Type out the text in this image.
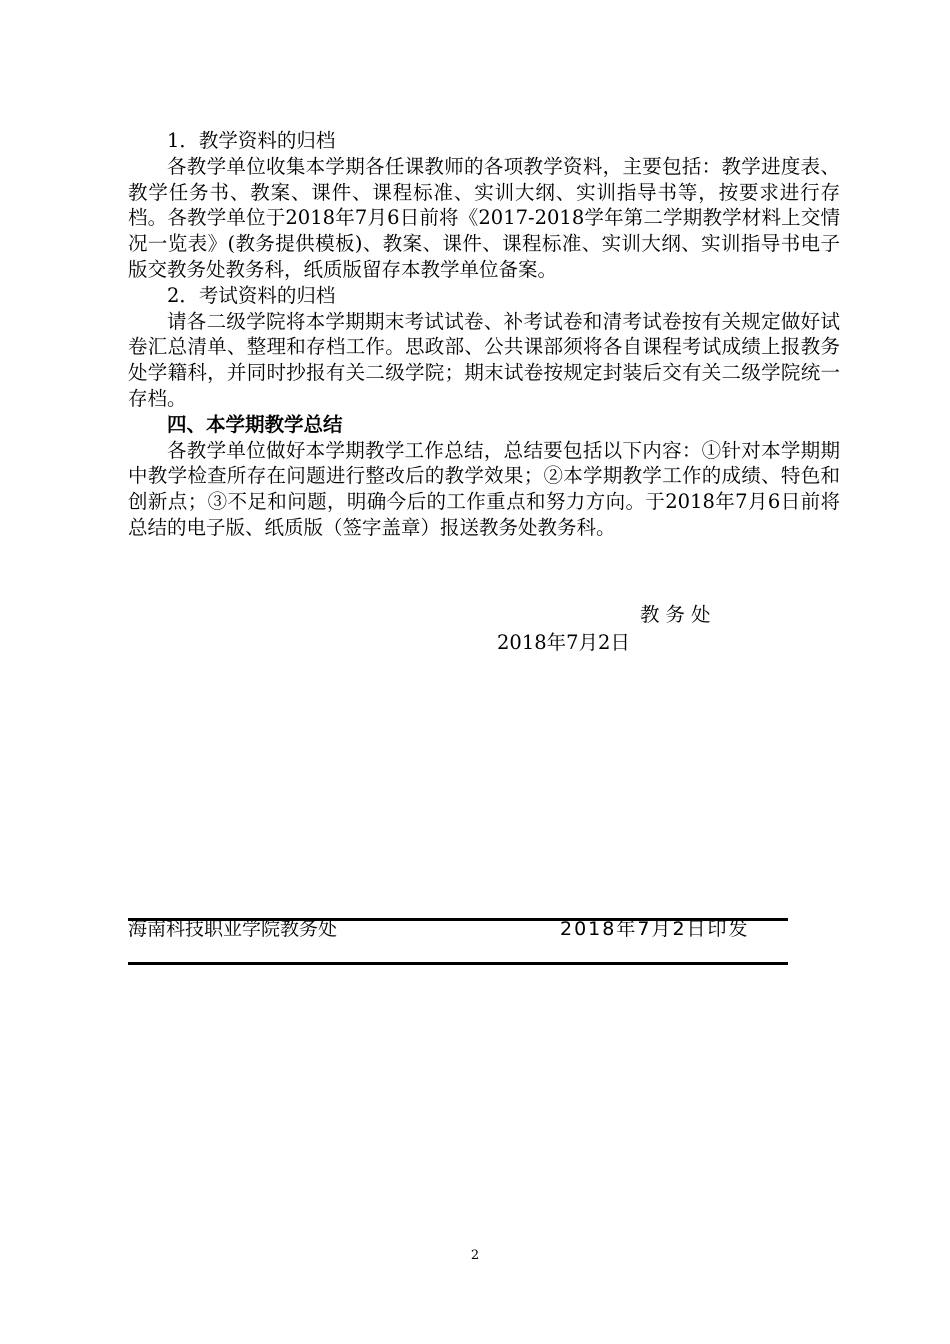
1．教学资料的归档

各教学单位收集本学期各任课教师的各项教学资料，主要包括：教学进度表、教学任务书、教案、课件、课程标准、实训大纲、实训指导书等，按要求进行存档。各教学单位于2018年7月6日前将《2017-2018学年第二学期教学材料上交情况一览表》(教务提供模板)、教案、课件、课程标准、实训大纲、实训指导书电子版交教务处教务科，纸质版留存本教学单位备案。

2．考试资料的归档

请各二级学院将本学期期末考试试卷、补考试卷和清考试卷按有关规定做好试卷汇总清单、整理和存档工作。思政部、公共课部须将各自课程考试成绩上报教务处学籍科，并同时抄报有关二级学院；期末试卷按规定封装后交有关二级学院统一存档。

四、本学期教学总结

各教学单位做好本学期教学工作总结，总结要包括以下内容：①针对本学期期中教学检查所存在问题进行整改后的教学效果；②本学期教学工作的成绩、特色和创新点；③不足和问题，明确今后的工作重点和努力方向。于2018年7月6日前将总结的电子版、纸质版（签字盖章）报送教务处教务科。

教务处
2018年7月2日
海南科技职业学院教务处	2018年7月2日印发
2
